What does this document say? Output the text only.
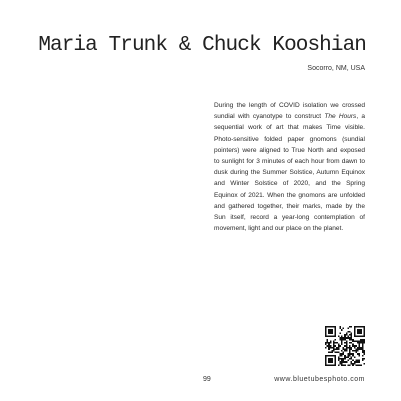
Maria Trunk & Chuck Kooshian
Socorro, NM, USA
During the length of COVID isolation we crossed sundial with cyanotype to construct The Hours, a sequential work of art that makes Time visible. Photo-sensitive folded paper gnomons (sundial pointers) were aligned to True North and exposed to sunlight for 3 minutes of each hour from dawn to dusk during the Summer Solstice, Autumn Equinox and Winter Solstice of 2020, and the Spring Equinox of 2021. When the gnomons are unfolded and gathered together, their marks, made by the Sun itself, record a year-long contemplation of movement, light and our place on the planet.
99	www.bluetubesphoto.com
